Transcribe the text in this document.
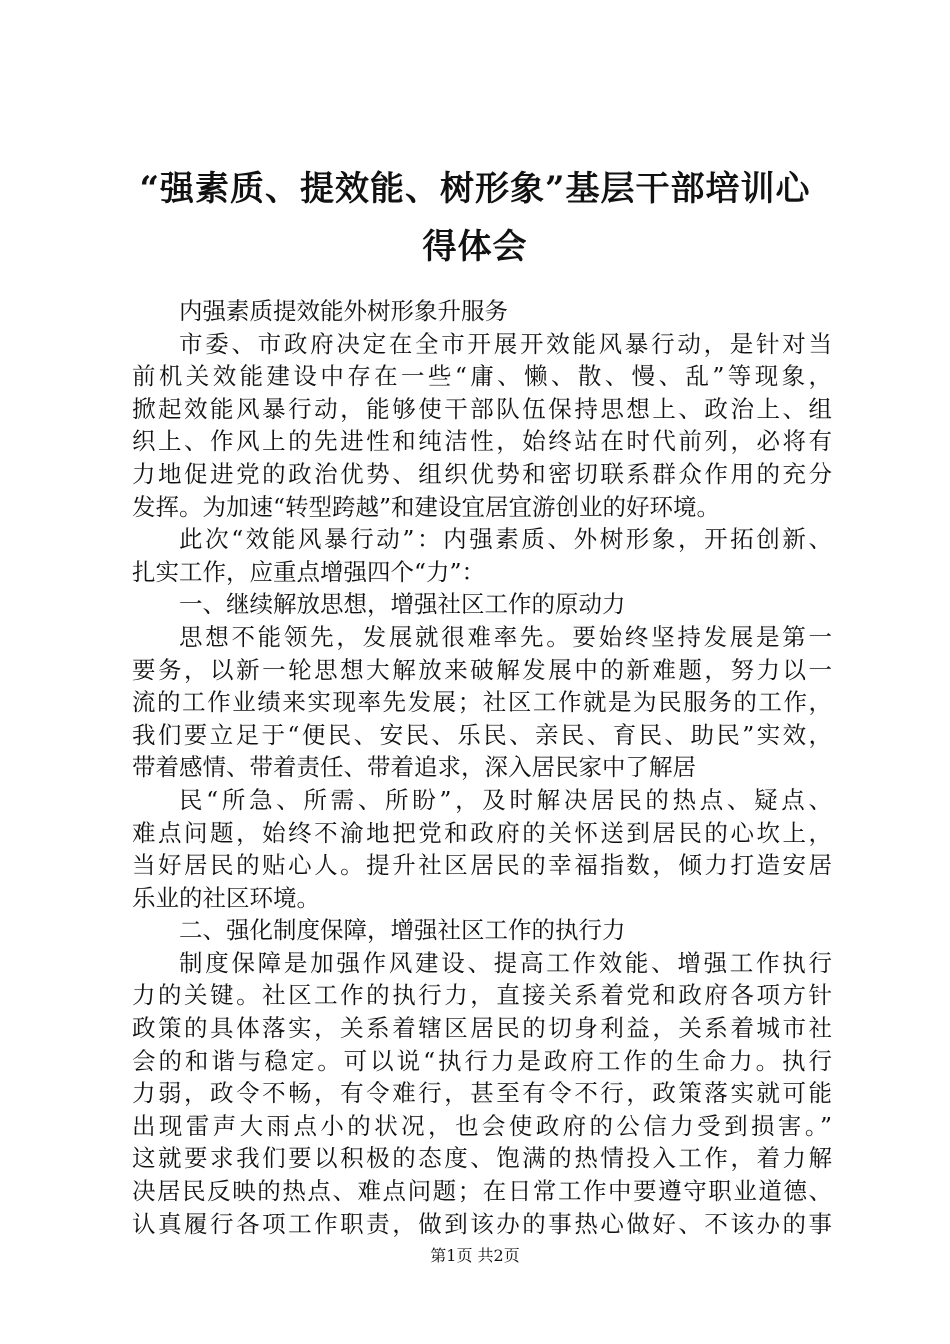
“强素质、提效能、树形象”基层干部培训心
得体会
内强素质提效能外树形象升服务
市委、市政府决定在全市开展开效能风暴行动，是针对当
前机关效能建设中存在一些“庸、懒、散、慢、乱”等现象，
掀起效能风暴行动，能够使干部队伍保持思想上、政治上、组
织上、作风上的先进性和纯洁性，始终站在时代前列，必将有
力地促进党的政治优势、组织优势和密切联系群众作用的充分
发挥。为加速“转型跨越”和建设宜居宜游创业的好环境。
此次“效能风暴行动”：内强素质、外树形象，开拓创新、
扎实工作，应重点增强四个“力”：
一、继续解放思想，增强社区工作的原动力
思想不能领先，发展就很难率先。要始终坚持发展是第一
要务，以新一轮思想大解放来破解发展中的新难题，努力以一
流的工作业绩来实现率先发展；社区工作就是为民服务的工作，
我们要立足于“便民、安民、乐民、亲民、育民、助民”实效，
带着感情、带着责任、带着追求，深入居民家中了解居
民“所急、所需、所盼”，及时解决居民的热点、疑点、
难点问题，始终不渝地把党和政府的关怀送到居民的心坎上，
当好居民的贴心人。提升社区居民的幸福指数，倾力打造安居
乐业的社区环境。
二、强化制度保障，增强社区工作的执行力
制度保障是加强作风建设、提高工作效能、增强工作执行
力的关键。社区工作的执行力，直接关系着党和政府各项方针
政策的具体落实，关系着辖区居民的切身利益，关系着城市社
会的和谐与稳定。可以说“执行力是政府工作的生命力。执行
力弱，政令不畅，有令难行，甚至有令不行，政策落实就可能
出现雷声大雨点小的状况，也会使政府的公信力受到损害。”
这就要求我们要以积极的态度、饱满的热情投入工作，着力解
决居民反映的热点、难点问题；在日常工作中要遵守职业道德、
认真履行各项工作职责，做到该办的事热心做好、不该办的事
第1页 共2页
